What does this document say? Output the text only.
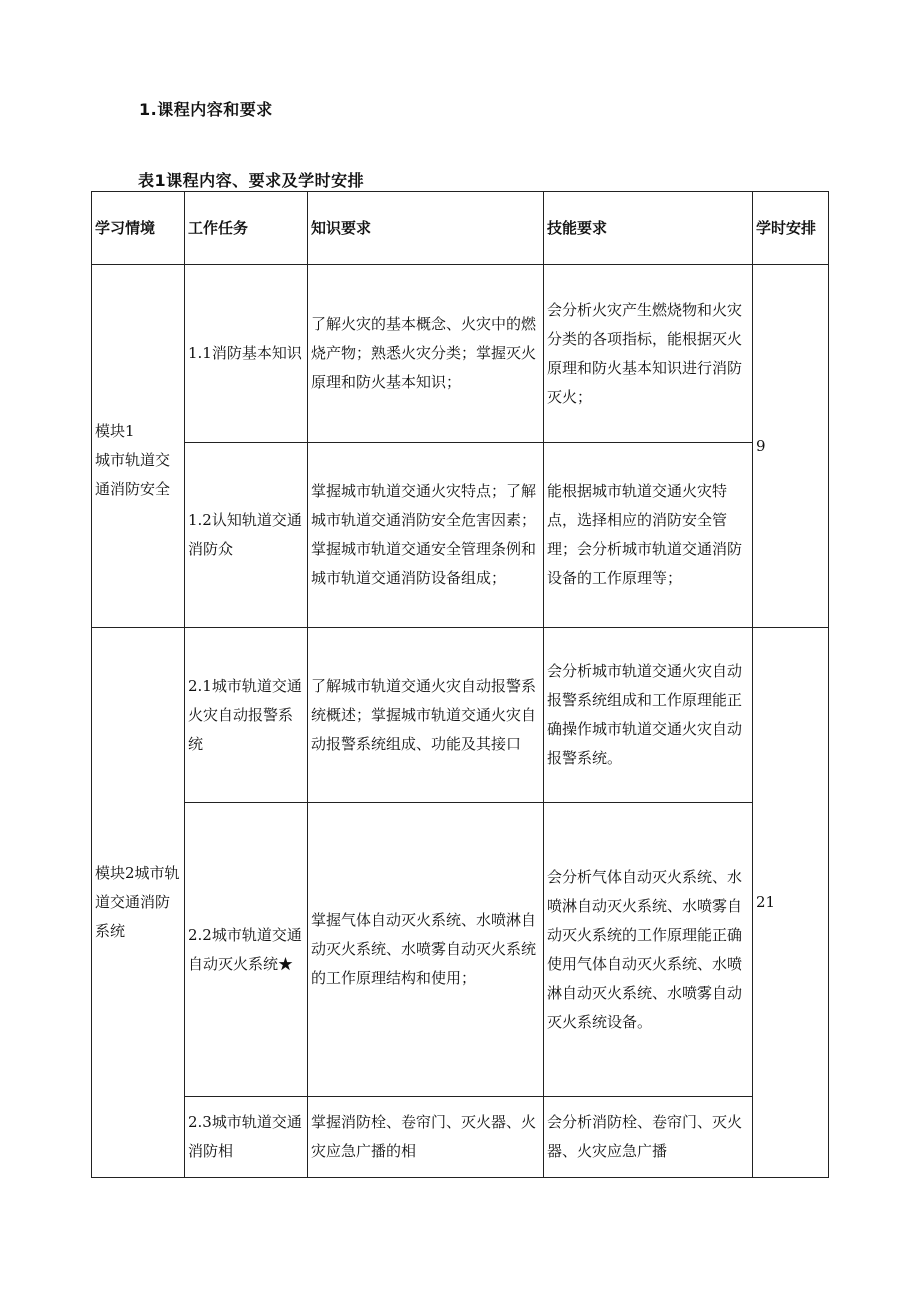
1.课程内容和要求
表1课程内容、要求及学时安排
学习情境	工作任务	知识要求	技能要求	学时安排

模块1
城市轨道交通消防安全	1.1消防基本知识	了解火灾的基本概念、火灾中的燃烧产物；熟悉火灾分类；掌握灭火原理和防火基本知识；	会分析火灾产生燃烧物和火灾分类的各项指标，能根据灭火原理和防火基本知识进行消防灭火；	9
	1.2认知轨道交通消防众	掌握城市轨道交通火灾特点；了解城市轨道交通消防安全危害因素；掌握城市轨道交通安全管理条例和城市轨道交通消防设备组成；	能根据城市轨道交通火灾特点，选择相应的消防安全管理；会分析城市轨道交通消防设备的工作原理等；	
模块2城市轨道交通消防系统	2.1城市轨道交通火灾自动报警系统	了解城市轨道交通火灾自动报警系统概述；掌握城市轨道交通火灾自动报警系统组成、功能及其接口	会分析城市轨道交通火灾自动报警系统组成和工作原理能正确操作城市轨道交通火灾自动报警系统。	21
	2.2城市轨道交通自动灭火系统★	掌握气体自动灭火系统、水喷淋自动灭火系统、水喷雾自动灭火系统的工作原理结构和使用；	会分析气体自动灭火系统、水喷淋自动灭火系统、水喷雾自动灭火系统的工作原理能正确使用气体自动灭火系统、水喷淋自动灭火系统、水喷雾自动灭火系统设备。	
	2.3城市轨道交通消防相	掌握消防栓、卷帘门、灭火器、火灾应急广播的相	会分析消防栓、卷帘门、灭火器、火灾应急广播	
